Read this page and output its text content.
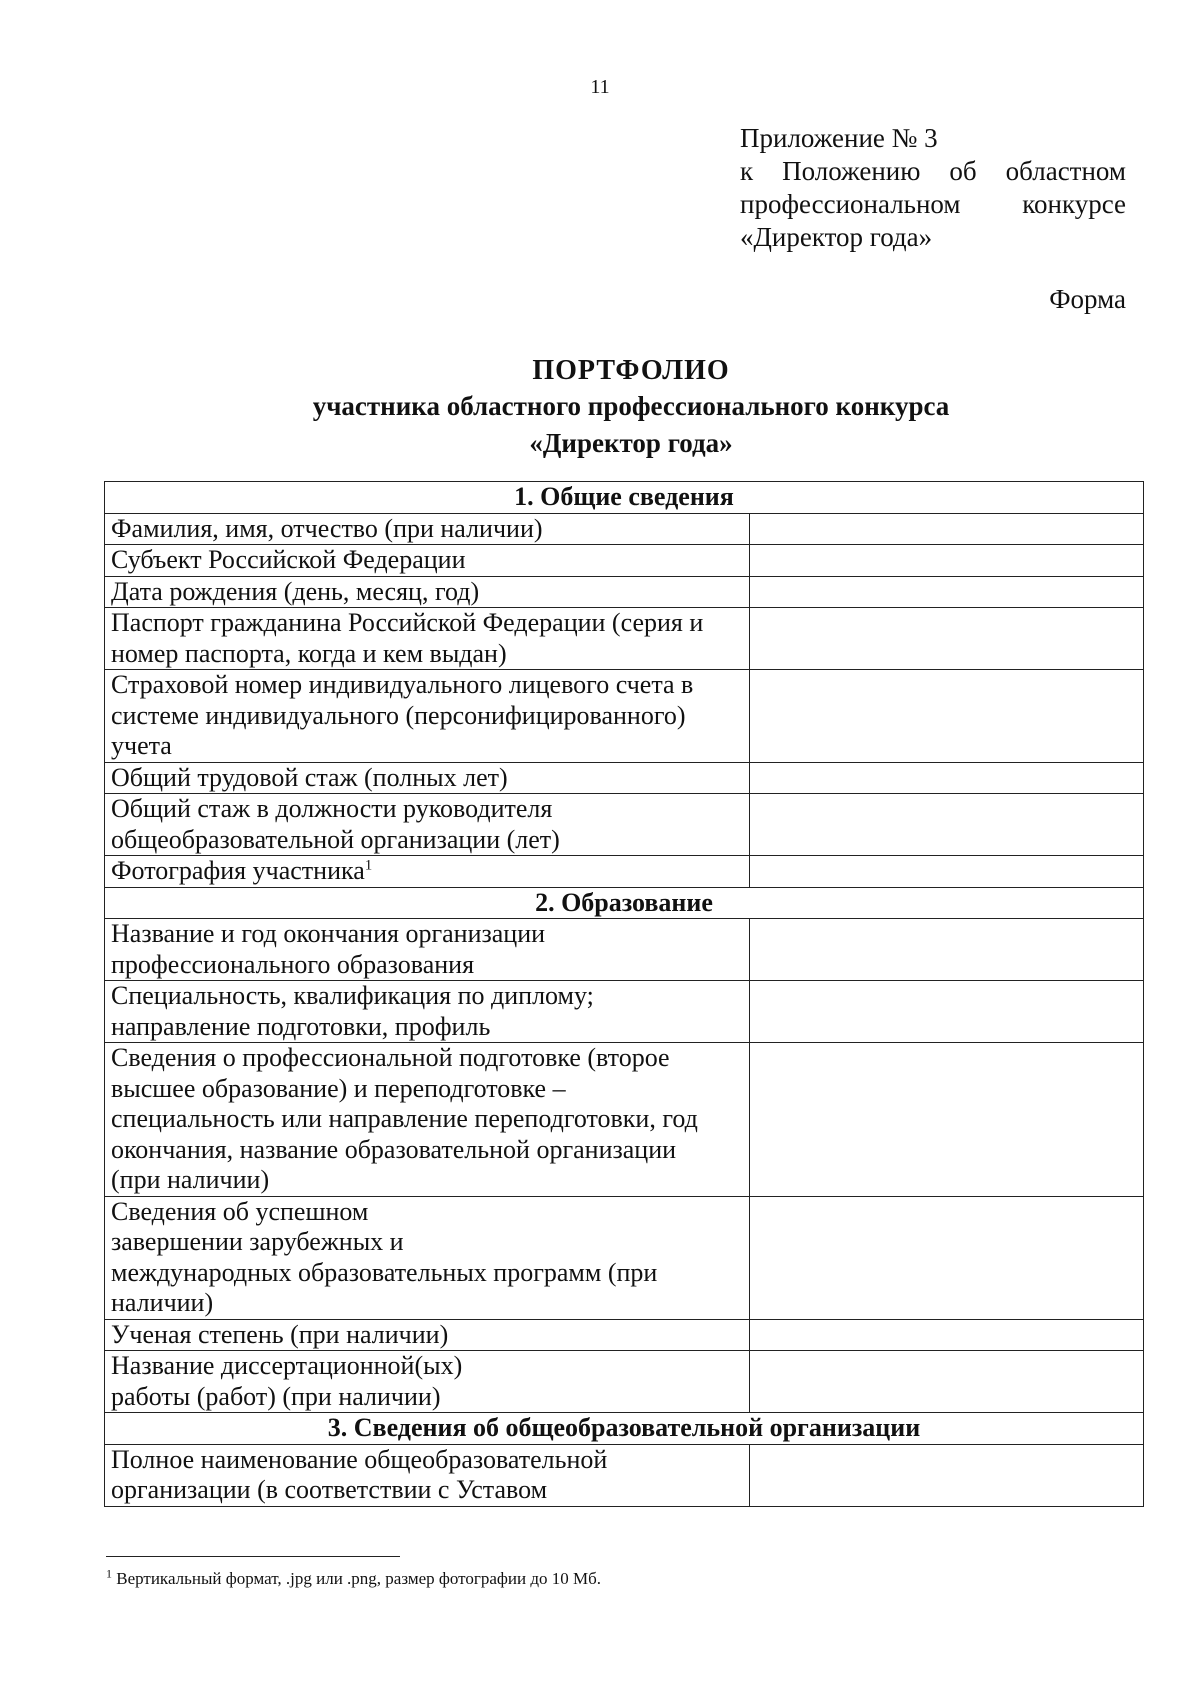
11
Приложение № 3
к Положению об областном
профессиональном конкурсе
«Директор года»
Форма
ПОРТФОЛИО
участника областного профессионального конкурса
«Директор года»
1. Общие сведения	

Фамилия, имя, отчество (при наличии)	

Субъект Российской Федерации	

Дата рождения (день, месяц, год)	

Паспорт гражданина Российской Федерации (серия и
номер паспорта, когда и кем выдан)	

Страховой номер индивидуального лицевого счета в
системе индивидуального (персонифицированного)
учета	

Общий трудовой стаж (полных лет)	

Общий стаж в должности руководителя
общеобразовательной организации (лет)	

Фотография участника$^1$

2. Образование	

Название и год окончания организации
профессионального образования	

Специальность, квалификация по диплому;
направление подготовки, профиль	

Сведения о профессиональной подготовке (второе
высшее образование) и переподготовке –
специальность или направление переподготовки, год
окончания, название образовательной организации
(при наличии)	

Сведения об успешном
завершении зарубежных и
международных образовательных программ (при
наличии)	

Ученая степень (при наличии)	

Название диссертационной(ых)
работы (работ) (при наличии)	

3. Сведения об общеобразовательной организации	

Полное наименование общеобразовательной
организации (в соответствии с Уставом	

$^1$ Вертикальный формат, .jpg или .png, размер фотографии до 10 Мб.
